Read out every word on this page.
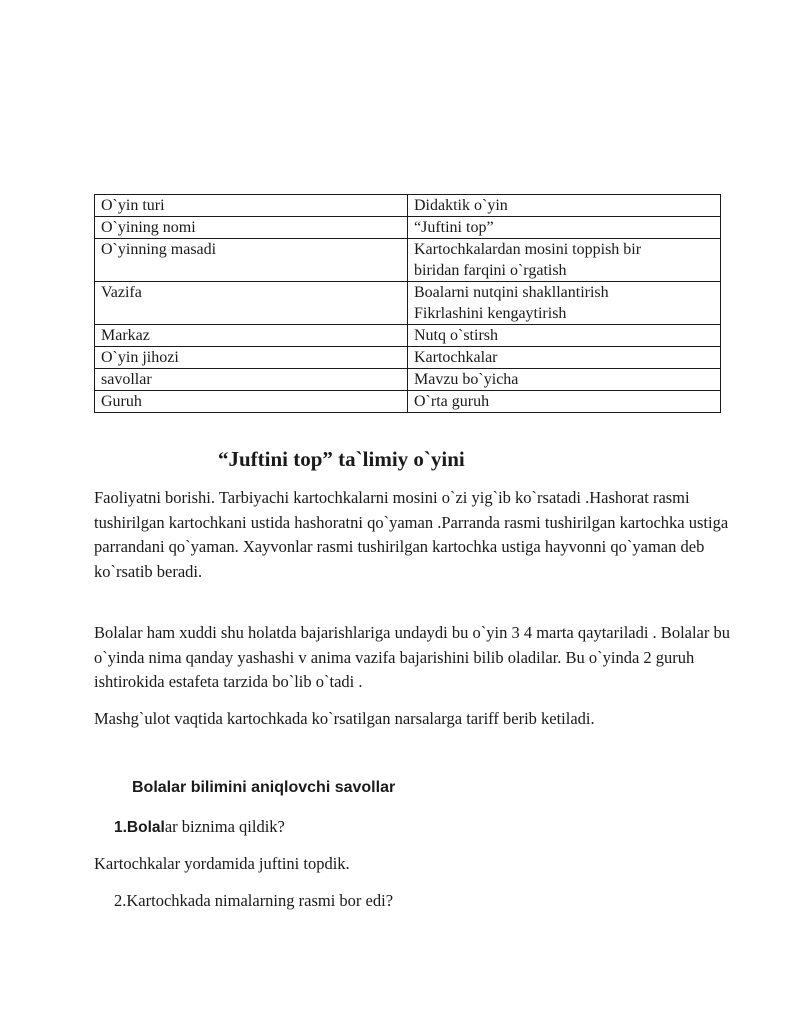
O`yin turi	Didaktik o`yin
O`yining nomi	“Juftini top”
O`yinning masadi	Kartochkalardan mosini toppish bir
biridan farqini o`rgatish
Vazifa	Boalarni nutqini shakllantirish
Fikrlashini kengaytirish
Markaz	Nutq o`stirsh
O`yin jihozi	Kartochkalar
savollar	Mavzu bo`yicha
Guruh	O`rta guruh
“Juftini top” ta`limiy o`yini

Faoliyatni borishi. Tarbiyachi kartochkalarni mosini o`zi yig`ib ko`rsatadi .Hashorat rasmi tushirilgan kartochkani ustida hashoratni qo`yaman .Parranda rasmi tushirilgan kartochka ustiga parrandani qo`yaman. Xayvonlar rasmi tushirilgan kartochka ustiga hayvonni qo`yaman deb ko`rsatib beradi.

Bolalar ham xuddi shu holatda bajarishlariga undaydi bu o`yin 3 4 marta qaytariladi . Bolalar bu o`yinda nima qanday yashashi v anima vazifa bajarishini bilib oladilar. Bu o`yinda 2 guruh ishtirokida estafeta tarzida bo`lib o`tadi .

Mashg`ulot vaqtida kartochkada ko`rsatilgan narsalarga tariff berib ketiladi.

Bolalar bilimini aniqlovchi savollar

1.Bolalar biznima qildik?

Kartochkalar yordamida juftini topdik.

2.Kartochkada nimalarning rasmi bor edi?
